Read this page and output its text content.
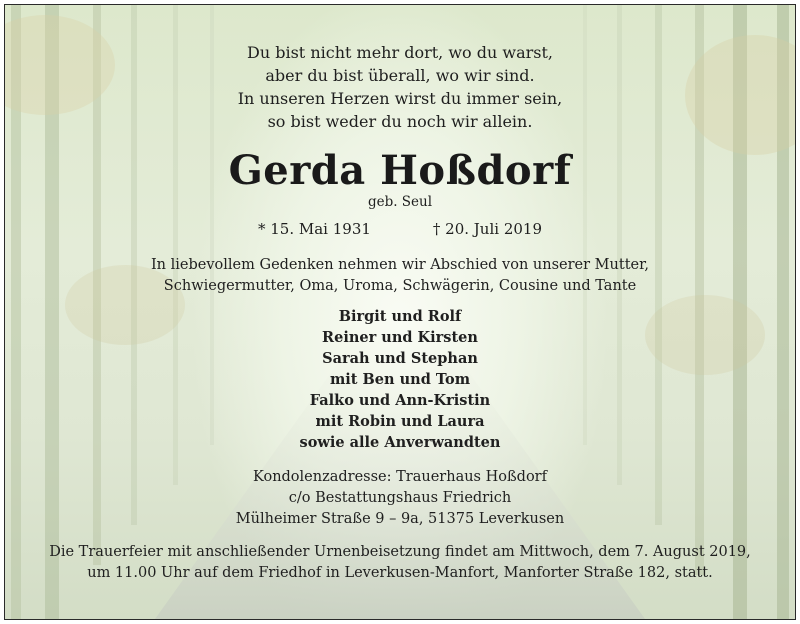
Du bist nicht mehr dort, wo du warst,
aber du bist überall, wo wir sind.
In unseren Herzen wirst du immer sein,
so bist weder du noch wir allein.
Gerda Hoßdorf
geb. Seul
* 15. Mai 1931	† 20. Juli 2019
In liebevollem Gedenken nehmen wir Abschied von unserer Mutter,
Schwiegermutter, Oma, Uroma, Schwägerin, Cousine und Tante
Birgit und Rolf
Reiner und Kirsten
Sarah und Stephan
mit Ben und Tom
Falko und Ann-Kristin
mit Robin und Laura
sowie alle Anverwandten
Kondolenzadresse: Trauerhaus Hoßdorf
c/o Bestattungshaus Friedrich
Mülheimer Straße 9 – 9a, 51375 Leverkusen
Die Trauerfeier mit anschließender Urnenbeisetzung findet am Mittwoch, dem 7. August 2019,
um 11.00 Uhr auf dem Friedhof in Leverkusen-Manfort, Manforter Straße 182, statt.
